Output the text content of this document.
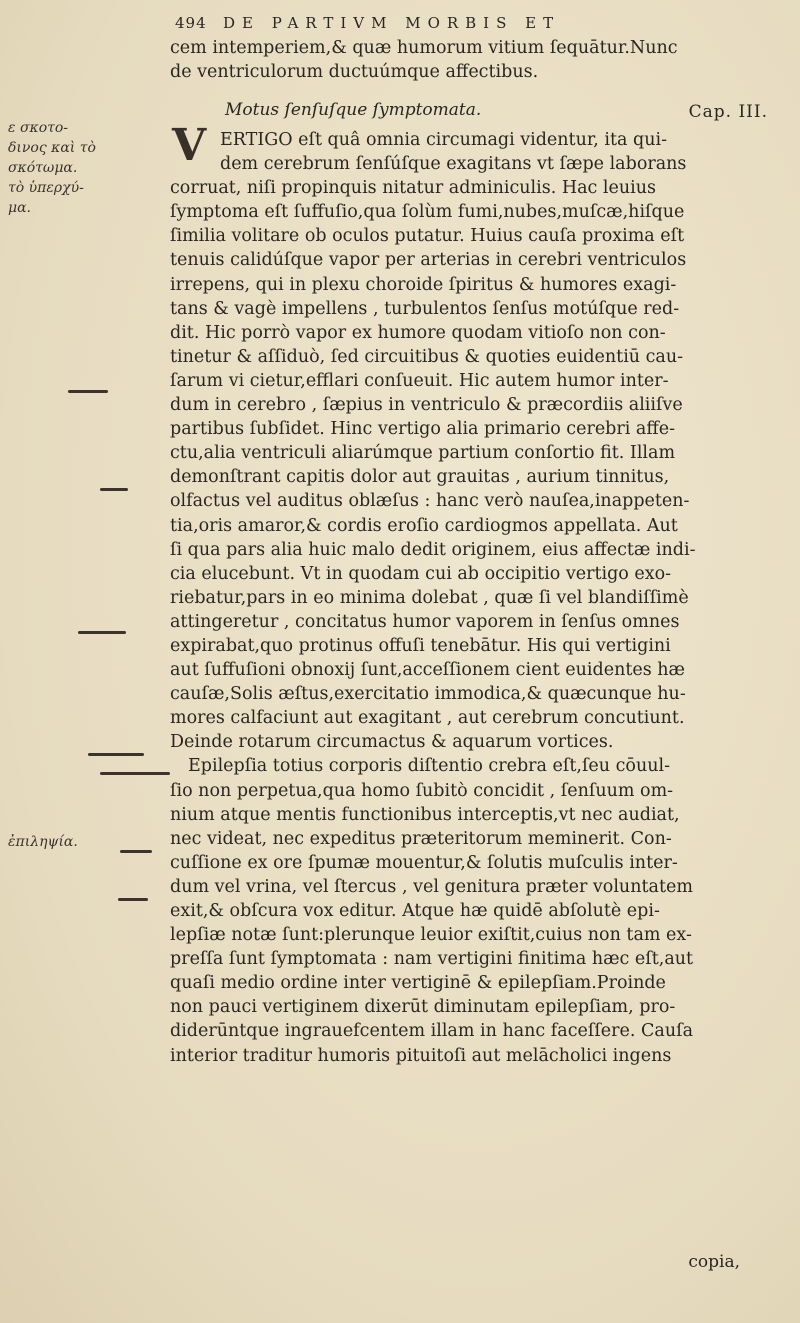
494 DE PARTIVM MORBIS ET
cem intemperiem,& quæ humorum vitium ſequātur.Nunc
de ventriculorum ductuúmque affectibus.
Motus ſenſuſque ſymptomata.	Cap. III.
ε σκοτο-
δινος καὶ τὸ
σκότωμα.
τὸ ὑπερχύ-
μα.
ἐπιληψία.
V ERTIGO eſt quâ omnia circumagi videntur, ita qui-
dem cerebrum ſenſúſque exagitans vt ſæpe laborans
corruat, niſi propinquis nitatur adminiculis. Hac leuius
ſymptoma eſt ſuffuſio,qua ſolùm fumi,nubes,muſcæ,hiſque
ſimilia volitare ob oculos putatur. Huius cauſa proxima eſt
tenuis calidúſque vapor per arterias in cerebri ventriculos
irrepens, qui in plexu choroide ſpiritus & humores exagi-
tans & vagè impellens , turbulentos ſenſus motúſque red-
dit. Hic porrò vapor ex humore quodam vitioſo non con-
tinetur & aſſiduò, ſed circuitibus & quoties euidentiū cau-
ſarum vi cietur,efflari conſueuit. Hic autem humor inter-
dum in cerebro , ſæpius in ventriculo & præcordiis aliiſve
partibus ſubſidet. Hinc vertigo alia primario cerebri affe-
ctu,alia ventriculi aliarúmque partium conſortio fit. Illam
demonſtrant capitis dolor aut grauitas , aurium tinnitus,
olfactus vel auditus oblæſus : hanc verò nauſea,inappeten-
tia,oris amaror,& cordis eroſio cardiogmos appellata. Aut
ſi qua pars alia huic malo dedit originem, eius affectæ indi-
cia elucebunt. Vt in quodam cui ab occipitio vertigo exo-
riebatur,pars in eo minima dolebat , quæ ſi vel blandiſſimè
attingeretur , concitatus humor vaporem in ſenſus omnes
expirabat,quo protinus offuſi tenebātur. His qui vertigini
aut ſuffuſioni obnoxij ſunt,acceſſionem cient euidentes hæ
cauſæ,Solis æſtus,exercitatio immodica,& quæcunque hu-
mores calfaciunt aut exagitant , aut cerebrum concutiunt.
Deinde rotarum circumactus & aquarum vortices.
Epilepſia totius corporis diſtentio crebra eſt,ſeu cōuul-
ſio non perpetua,qua homo ſubitò concidit , ſenſuum om-
nium atque mentis functionibus interceptis,vt nec audiat,
nec videat, nec expeditus præteritorum meminerit. Con-
cuſſione ex ore ſpumæ mouentur,& ſolutis muſculis inter-
dum vel vrina, vel ſtercus , vel genitura præter voluntatem
exit,& obſcura vox editur. Atque hæ quidē abſolutè epi-
lepſiæ notæ ſunt:plerunque leuior exiſtit,cuius non tam ex-
preſſa ſunt ſymptomata : nam vertigini finitima hæc eſt,aut
quaſi medio ordine inter vertiginē & epilepſiam.Proinde
non pauci vertiginem dixerūt diminutam epilepſiam, pro-
diderūntque ingrauefcentem illam in hanc faceſſere. Cauſa
interior traditur humoris pituitoſi aut melācholici ingens
copia,
